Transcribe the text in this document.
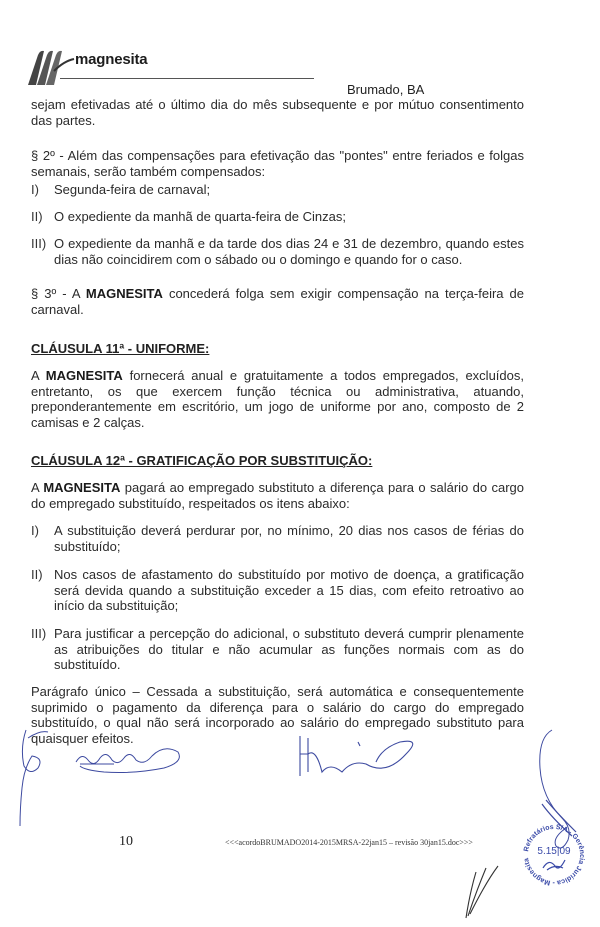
magnesita
Brumado, BA
sejam efetivadas até o último dia do mês subsequente e por mútuo consentimento das partes.
§ 2º - Além das compensações para efetivação das "pontes" entre feriados e folgas semanais, serão também compensados:
I)	Segunda-feira de carnaval;
II) O expediente da manhã de quarta-feira de Cinzas;
III) O expediente da manhã e da tarde dos dias 24 e 31 de dezembro, quando estes dias não coincidirem com o sábado ou o domingo e quando for o caso.
§ 3º - A MAGNESITA concederá folga sem exigir compensação na terça-feira de carnaval.
CLÁUSULA 11ª - UNIFORME:
A MAGNESITA fornecerá anual e gratuitamente a todos empregados, excluídos, entretanto, os que exercem função técnica ou administrativa, atuando, preponderantemente em escritório, um jogo de uniforme por ano, composto de 2 camisas e 2 calças.
CLÁUSULA 12ª - GRATIFICAÇÃO POR SUBSTITUIÇÃO:
A MAGNESITA pagará ao empregado substituto a diferença para o salário do cargo do empregado substituído, respeitados os itens abaixo:
I)	A substituição deverá perdurar por, no mínimo, 20 dias nos casos de férias do substituído;
II) Nos casos de afastamento do substituído por motivo de doença, a gratificação será devida quando a substituição exceder a 15 dias, com efeito retroativo ao início da substituição;
III) Para justificar a percepção do adicional, o substituto deverá cumprir plenamente as atribuições do titular e não acumular as funções normais com as do substituído.
Parágrafo único – Cessada a substituição, será automática e consequentemente suprimido o pagamento da diferença para o salário do cargo do empregado substituído, o qual não será incorporado ao salário do empregado substituto para quaisquer efeitos.
10	<<<acordoBRUMADO2014-2015MRSA-22jan15 – revisão 30jan15.doc>>>
Refratários S/A - Gerência Jurídica - Magnesita
5.15|09
